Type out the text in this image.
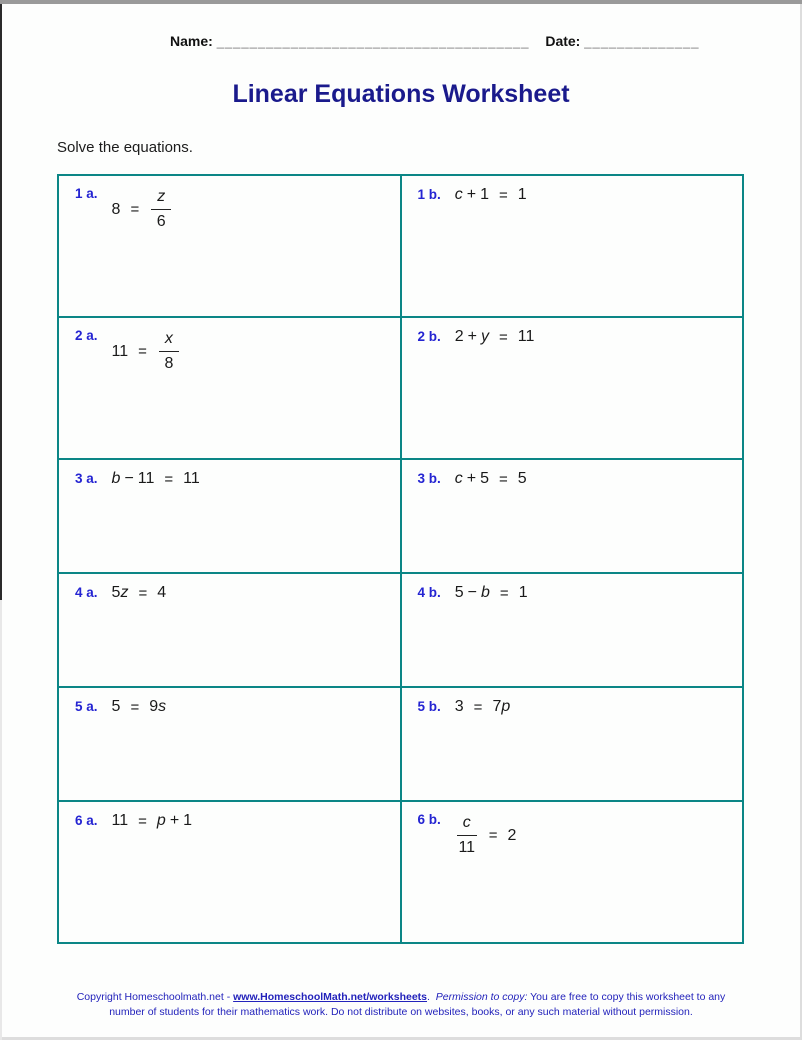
Name: ______________________________________ Date: ______________
Linear Equations Worksheet
Solve the equations.
1 a.
$8 = \frac{z}{6}$	1 b. c + 1 = 1

2 a.
$11 = \frac{x}{8}$	2 b. 2 + y = 11

3 a. b − 11 = 11	3 b. c + 5 = 5

4 a. 5 z = 4	4 b. 5 − b = 1

5 a. 5 = 9 s	5 b. 3 = 7 p

6 a. 11 = p + 1	6 b. $\frac{c}{11} = 2$
Copyright Homeschoolmath.net - www.HomeschoolMath.net/worksheets.  Permission to copy: You are free to copy this worksheet to any number of students for their mathematics work. Do not distribute on websites, books, or any such material without permission.
